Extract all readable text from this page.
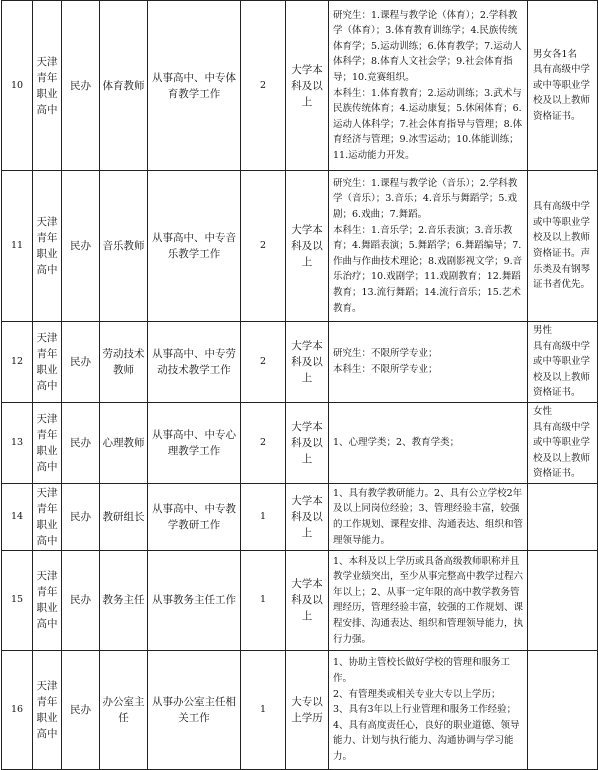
10	天津青年职业高中	民办	体育教师	从事高中、中专体育教学工作	2	大学本科及以上	研究生：1.课程与教学论（体育）；2.学科教学（体育）；3.体育教育训练学；4.民族传统体育学；5.运动训练；6.体育教学；7.运动人体科学；8.体育人文社会学；9.社会体育指导；10.竞赛组织。
本科生：1.体育教育；2.运动训练；3.武术与民族传统体育；4.运动康复；5.休闲体育；6.运动人体科学；7.社会体育指导与管理；8.体育经济与管理；9.冰雪运动；10.体能训练；11.运动能力开发。	男女各1名
具有高级中学或中等职业学校及以上教师资格证书。

11	天津青年职业高中	民办	音乐教师	从事高中、中专音乐教学工作	2	大学本科及以上	研究生：1.课程与教学论（音乐）；2.学科教学（音乐）；3.音乐；4.音乐与舞蹈学；5.戏剧；6.戏曲；7.舞蹈。
本科生：1.音乐学；2.音乐表演；3.音乐教育；4.舞蹈表演；5.舞蹈学；6.舞蹈编导；7.作曲与作曲技术理论；8.戏剧影视文学；9.音乐治疗；10.戏剧学；11.戏剧教育；12.舞蹈教育；13.流行舞蹈；14.流行音乐；15.艺术教育。	具有高级中学或中等职业学校及以上教师资格证书。声乐类及有钢琴证书者优先。

12	天津青年职业高中	民办	劳动技术教师	从事高中、中专劳动技术教学工作	2	大学本科及以上	研究生：不限所学专业；
本科生：不限所学专业；	男性
具有高级中学或中等职业学校及以上教师资格证书。

13	天津青年职业高中	民办	心理教师	从事高中、中专心理教学工作	2	大学本科及以上	1、心理学类；2、教育学类；	女性
具有高级中学或中等职业学校及以上教师资格证书。

14	天津青年职业高中	民办	教研组长	从事高中、中专教学教研工作	1	大学本科及以上	1、具有教学教研能力。2、具有公立学校2年及以上同岗位经验；3、管理经验丰富，较强的工作规划、课程安排、沟通表达、组织和管理领导能力。	

15	天津青年职业高中	民办	教务主任	从事教务主任工作	1	大学本科及以上	1、本科及以上学历或具备高级教师职称并且教学业绩突出，至少从事完整高中教学过程六年以上；2、从事一定年限的高中教学教务管理经历，管理经验丰富，较强的工作规划、课程安排、沟通表达、组织和管理领导能力，执行力强。	

16	天津青年职业高中	民办	办公室主任	从事办公室主任相关工作	1	大专以上学历	1、协助主管校长做好学校的管理和服务工作。
2、有管理类或相关专业大专以上学历；
3、具有3年以上行业管理和服务工作经验；
4、具有高度责任心，良好的职业道德、领导能力、计划与执行能力、沟通协调与学习能力。	
